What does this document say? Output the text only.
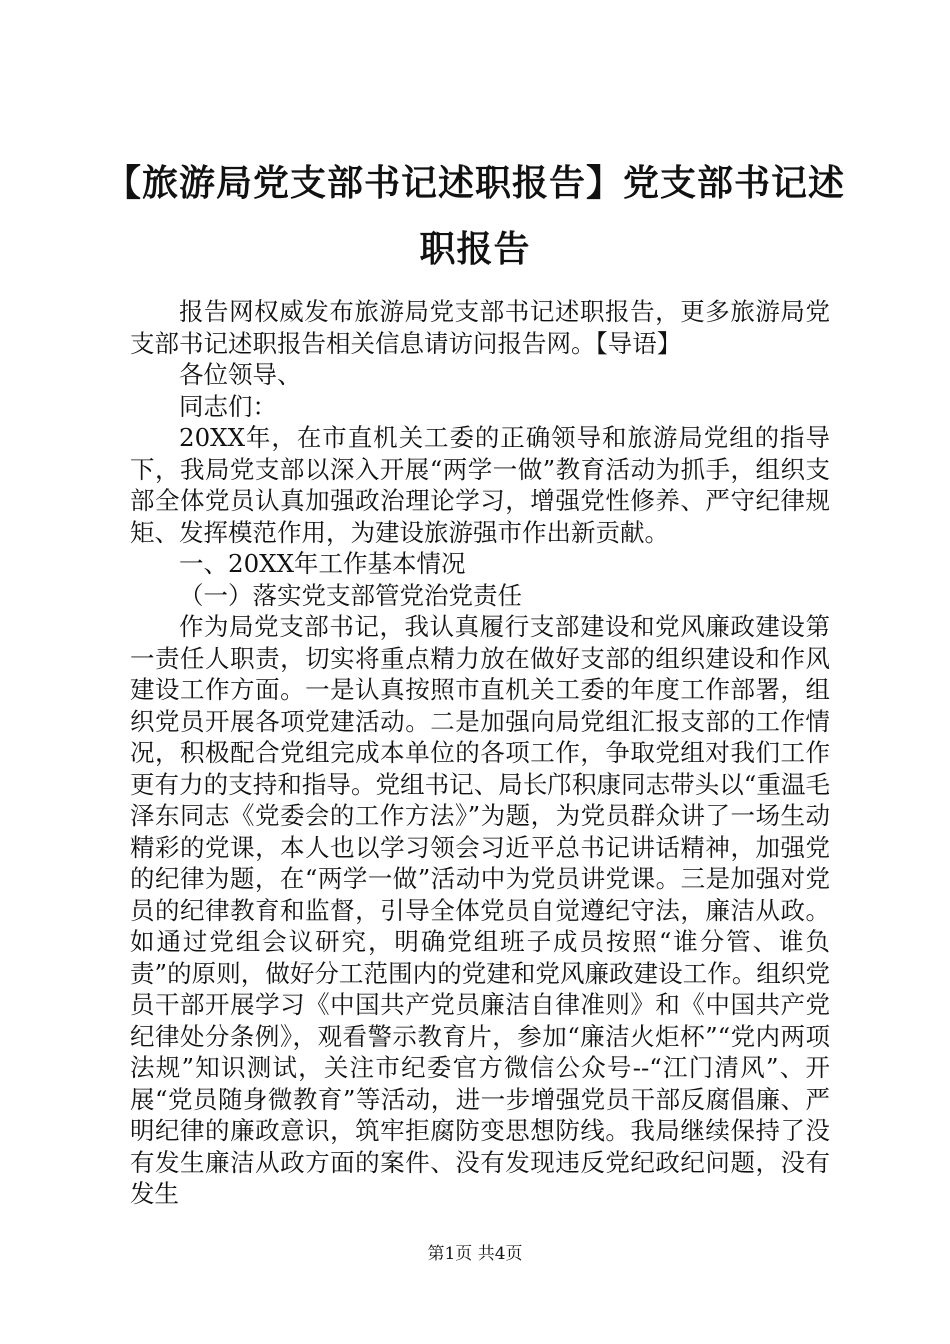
【旅游局党支部书记述职报告】党支部书记述职报告

报告网权威发布旅游局党支部书记述职报告，更多旅游局党支部书记述职报告相关信息请访问报告网。【导语】

各位领导、

同志们：

20XX年，在市直机关工委的正确领导和旅游局党组的指导下，我局党支部以深入开展“两学一做”教育活动为抓手，组织支部全体党员认真加强政治理论学习，增强党性修养、严守纪律规矩、发挥模范作用，为建设旅游强市作出新贡献。

一、20XX年工作基本情况

（一）落实党支部管党治党责任

作为局党支部书记，我认真履行支部建设和党风廉政建设第一责任人职责，切实将重点精力放在做好支部的组织建设和作风建设工作方面。一是认真按照市直机关工委的年度工作部署，组织党员开展各项党建活动。二是加强向局党组汇报支部的工作情况，积极配合党组完成本单位的各项工作，争取党组对我们工作更有力的支持和指导。党组书记、局长邝积康同志带头以“重温毛泽东同志《党委会的工作方法》”为题，为党员群众讲了一场生动精彩的党课，本人也以学习领会习近平总书记讲话精神，加强党的纪律为题，在“两学一做”活动中为党员讲党课。三是加强对党员的纪律教育和监督，引导全体党员自觉遵纪守法，廉洁从政。如通过党组会议研究，明确党组班子成员按照“谁分管、谁负责”的原则，做好分工范围内的党建和党风廉政建设工作。组织党员干部开展学习《中国共产党员廉洁自律准则》和《中国共产党纪律处分条例》，观看警示教育片，参加“廉洁火炬杯”“党内两项法规”知识测试，关注市纪委官方微信公众号--“江门清风”、开展“党员随身微教育”等活动，进一步增强党员干部反腐倡廉、严明纪律的廉政意识，筑牢拒腐防变思想防线。我局继续保持了没有发生廉洁从政方面的案件、没有发现违反党纪政纪问题，没有发生

第1页 共4页
